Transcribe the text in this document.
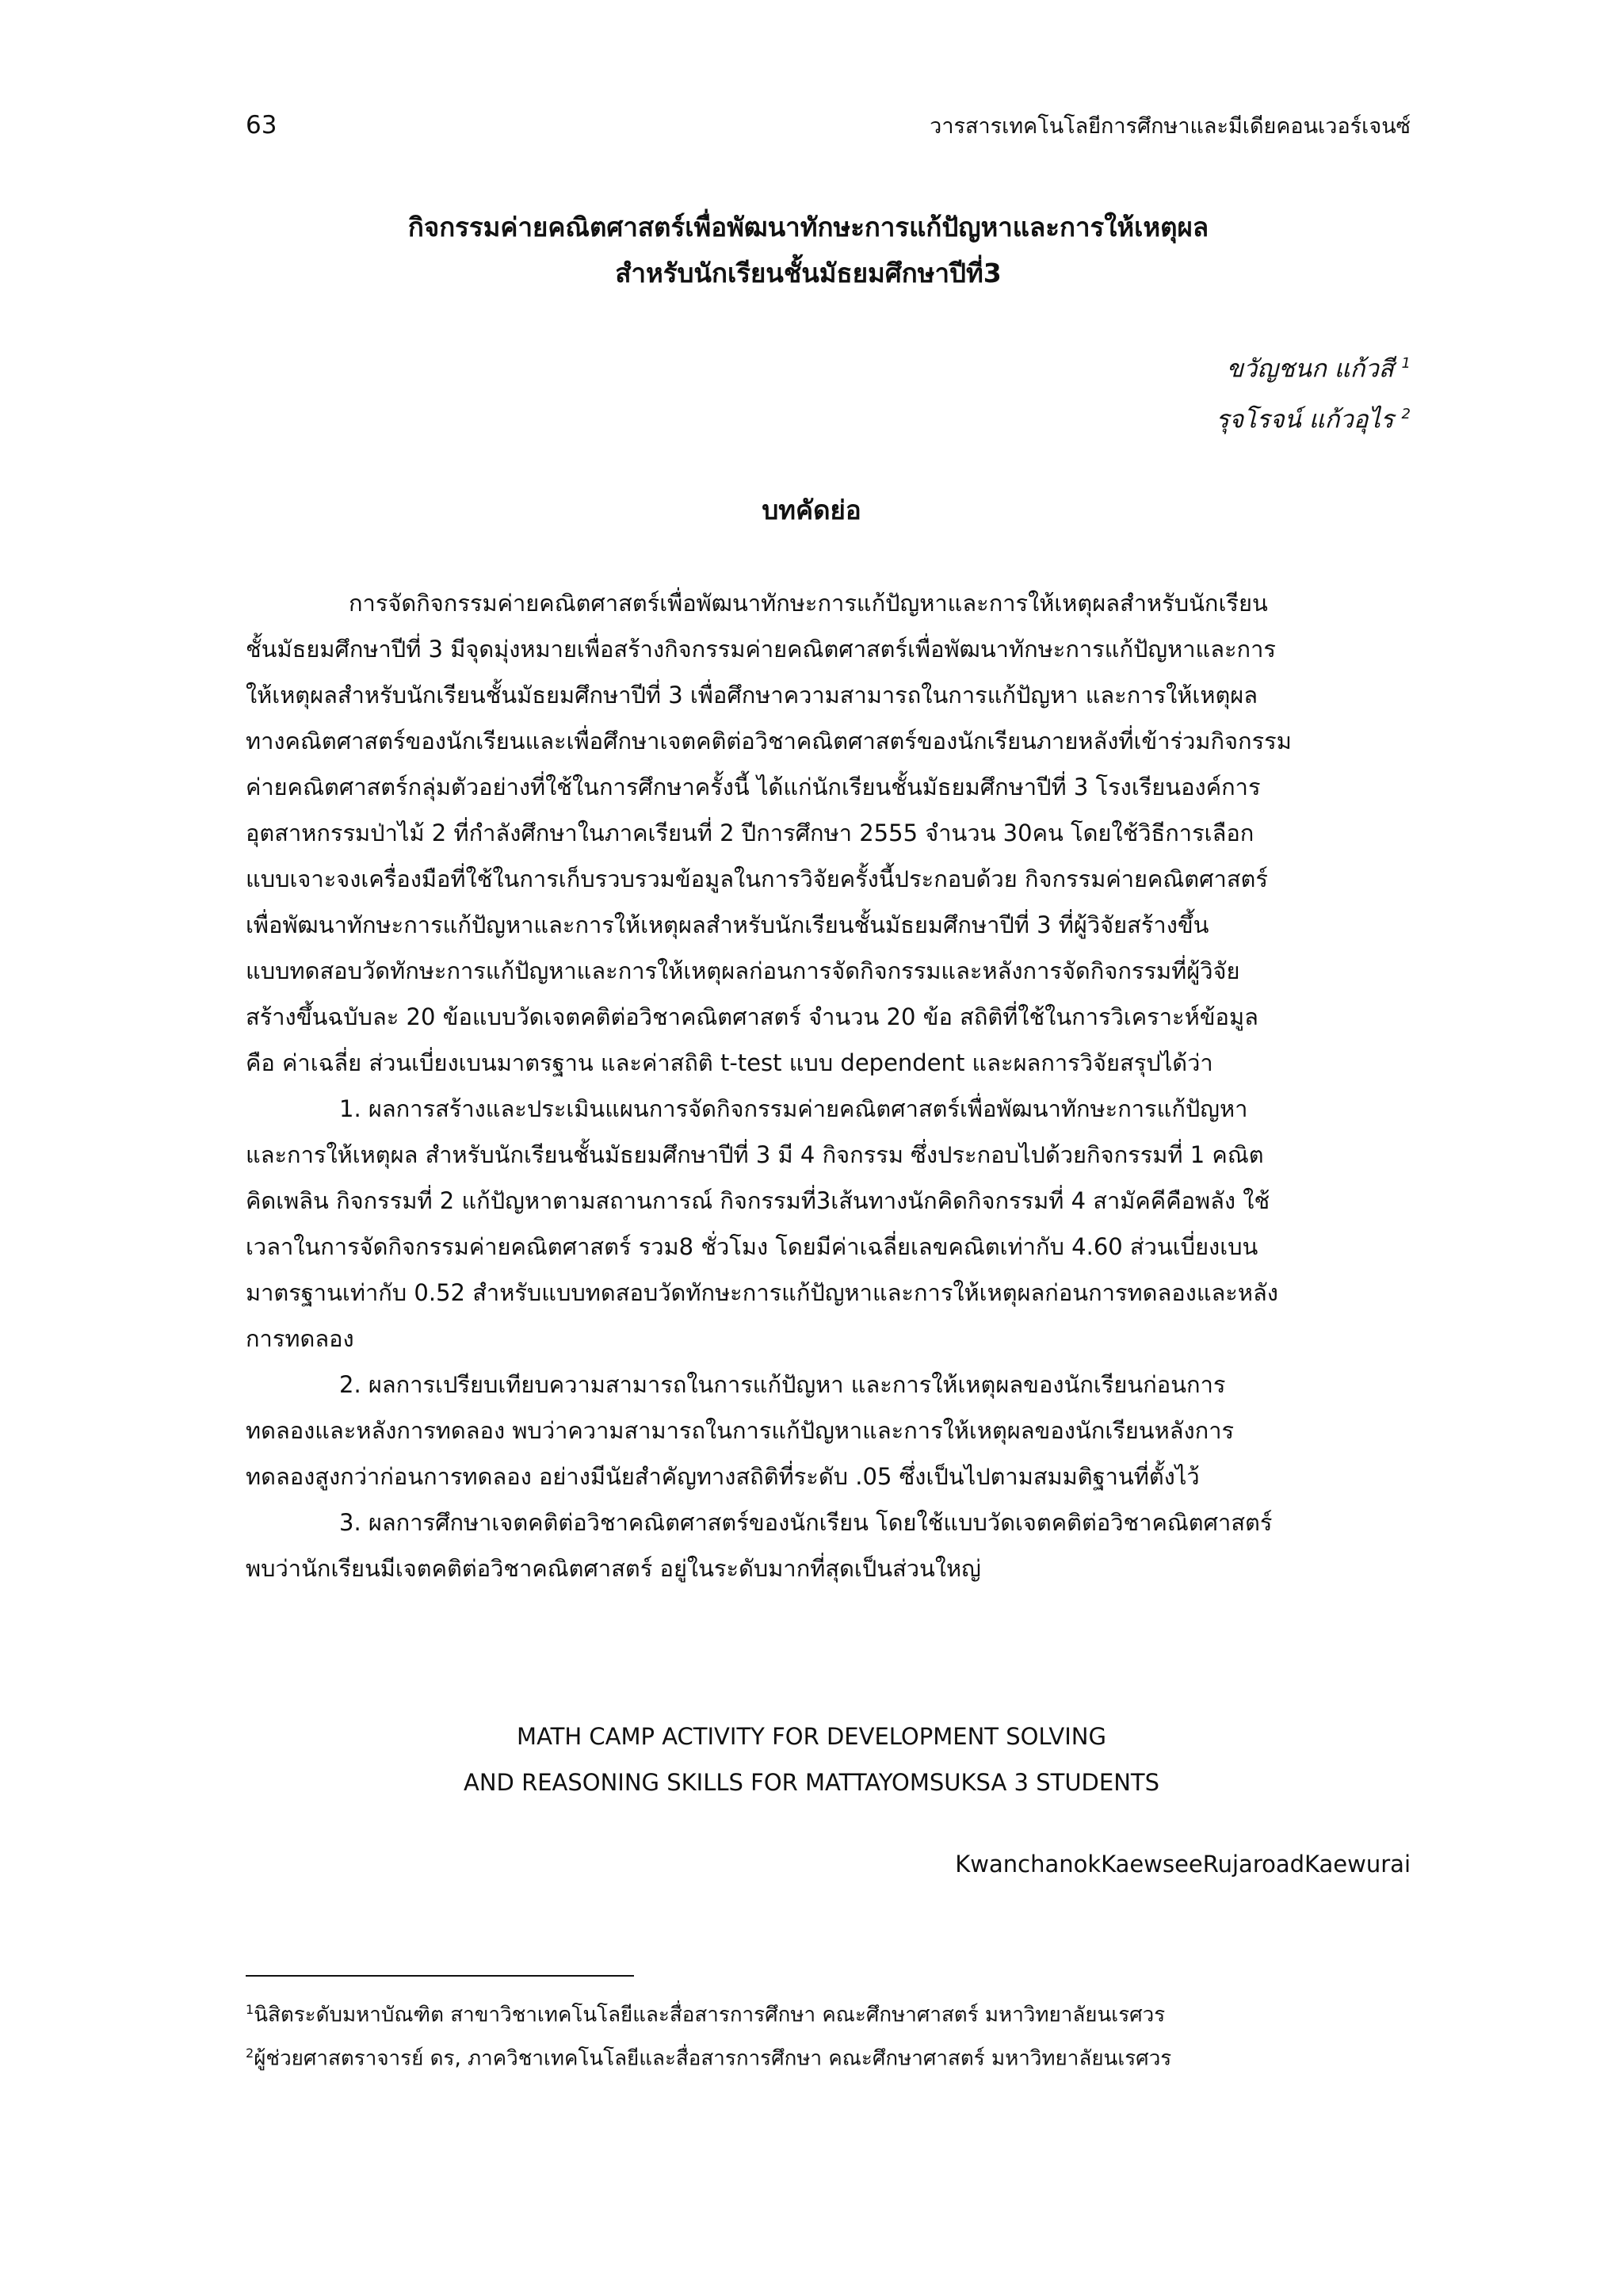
63	วารสารเทคโนโลยีการศึกษาและมีเดียคอนเวอร์เจนซ์
กิจกรรมค่ายคณิตศาสตร์เพื่อพัฒนาทักษะการแก้ปัญหาและการให้เหตุผล
สำหรับนักเรียนชั้นมัธยมศึกษาปีที่3
ขวัญชนก แก้วสี $^1$
รุจโรจน์ แก้วอุไร $^2$
บทคัดย่อ
การจัดกิจกรรมค่ายคณิตศาสตร์เพื่อพัฒนาทักษะการแก้ปัญหาและการให้เหตุผลสำหรับนักเรียน
ชั้นมัธยมศึกษาปีที่ 3 มีจุดมุ่งหมายเพื่อสร้างกิจกรรมค่ายคณิตศาสตร์เพื่อพัฒนาทักษะการแก้ปัญหาและการ
ให้เหตุผลสำหรับนักเรียนชั้นมัธยมศึกษาปีที่ 3 เพื่อศึกษาความสามารถในการแก้ปัญหา และการให้เหตุผล
ทางคณิตศาสตร์ของนักเรียนและเพื่อศึกษาเจตคติต่อวิชาคณิตศาสตร์ของนักเรียนภายหลังที่เข้าร่วมกิจกรรม
ค่ายคณิตศาสตร์กลุ่มตัวอย่างที่ใช้ในการศึกษาครั้งนี้ ได้แก่นักเรียนชั้นมัธยมศึกษาปีที่ 3 โรงเรียนองค์การ
อุตสาหกรรมป่าไม้ 2 ที่กำลังศึกษาในภาคเรียนที่ 2 ปีการศึกษา 2555 จำนวน 30คน โดยใช้วิธีการเลือก
แบบเจาะจงเครื่องมือที่ใช้ในการเก็บรวบรวมข้อมูลในการวิจัยครั้งนี้ประกอบด้วย กิจกรรมค่ายคณิตศาสตร์
เพื่อพัฒนาทักษะการแก้ปัญหาและการให้เหตุผลสำหรับนักเรียนชั้นมัธยมศึกษาปีที่ 3 ที่ผู้วิจัยสร้างขึ้น
แบบทดสอบวัดทักษะการแก้ปัญหาและการให้เหตุผลก่อนการจัดกิจกรรมและหลังการจัดกิจกรรมที่ผู้วิจัย
สร้างขึ้นฉบับละ 20 ข้อแบบวัดเจตคติต่อวิชาคณิตศาสตร์ จำนวน 20 ข้อ สถิติที่ใช้ในการวิเคราะห์ข้อมูล
คือ ค่าเฉลี่ย ส่วนเบี่ยงเบนมาตรฐาน และค่าสถิติ t-test แบบ dependent และผลการวิจัยสรุปได้ว่า
1. ผลการสร้างและประเมินแผนการจัดกิจกรรมค่ายคณิตศาสตร์เพื่อพัฒนาทักษะการแก้ปัญหา
และการให้เหตุผล สำหรับนักเรียนชั้นมัธยมศึกษาปีที่ 3 มี 4 กิจกรรม ซึ่งประกอบไปด้วยกิจกรรมที่ 1 คณิต
คิดเพลิน กิจกรรมที่ 2 แก้ปัญหาตามสถานการณ์ กิจกรรมที่3เส้นทางนักคิดกิจกรรมที่ 4 สามัคคีคือพลัง ใช้
เวลาในการจัดกิจกรรมค่ายคณิตศาสตร์ รวม8 ชั่วโมง โดยมีค่าเฉลี่ยเลขคณิตเท่ากับ 4.60 ส่วนเบี่ยงเบน
มาตรฐานเท่ากับ 0.52 สำหรับแบบทดสอบวัดทักษะการแก้ปัญหาและการให้เหตุผลก่อนการทดลองและหลัง
การทดลอง
2. ผลการเปรียบเทียบความสามารถในการแก้ปัญหา และการให้เหตุผลของนักเรียนก่อนการ
ทดลองและหลังการทดลอง พบว่าความสามารถในการแก้ปัญหาและการให้เหตุผลของนักเรียนหลังการ
ทดลองสูงกว่าก่อนการทดลอง อย่างมีนัยสำคัญทางสถิติที่ระดับ .05 ซึ่งเป็นไปตามสมมติฐานที่ตั้งไว้
3. ผลการศึกษาเจตคติต่อวิชาคณิตศาสตร์ของนักเรียน โดยใช้แบบวัดเจตคติต่อวิชาคณิตศาสตร์
พบว่านักเรียนมีเจตคติต่อวิชาคณิตศาสตร์ อยู่ในระดับมากที่สุดเป็นส่วนใหญ่
MATH CAMP ACTIVITY FOR DEVELOPMENT SOLVING
AND REASONING SKILLS FOR MATTAYOMSUKSA 3 STUDENTS
KwanchanokKaewseeRujaroadKaewurai
$^1$นิสิตระดับมหาบัณฑิต สาขาวิชาเทคโนโลยีและสื่อสารการศึกษา คณะศึกษาศาสตร์ มหาวิทยาลัยนเรศวร
$^2$ผู้ช่วยศาสตราจารย์ ดร, ภาควิชาเทคโนโลยีและสื่อสารการศึกษา คณะศึกษาศาสตร์ มหาวิทยาลัยนเรศวร
